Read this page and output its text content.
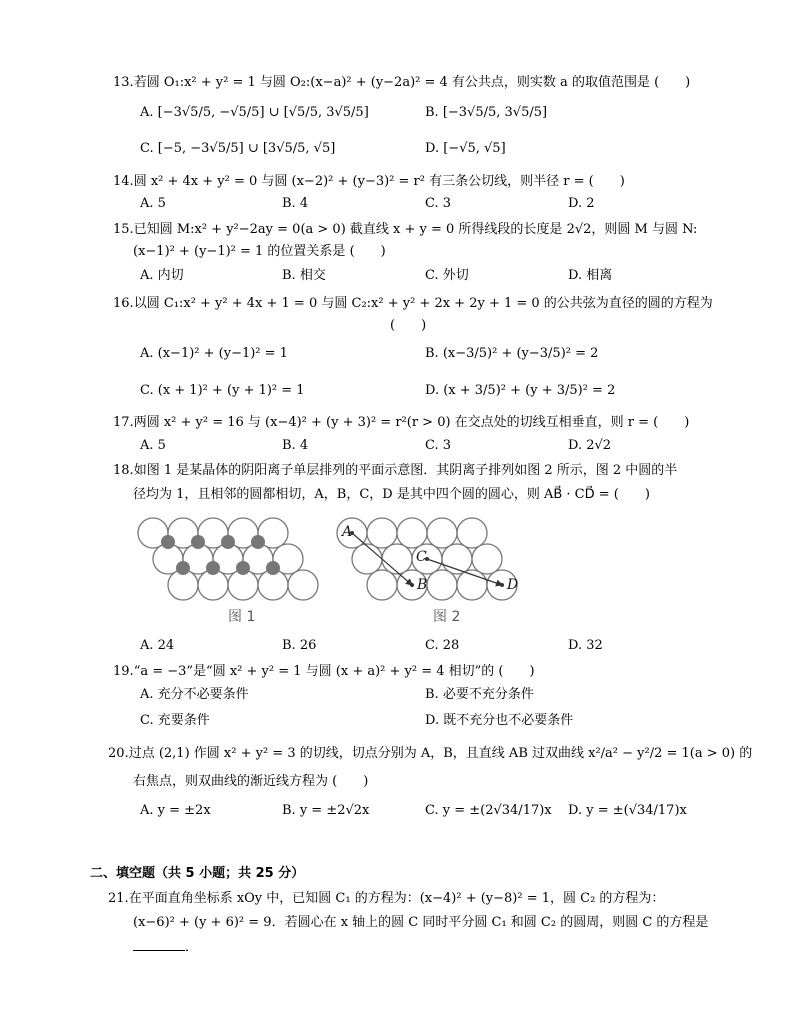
13.若圆 O₁:x² + y² = 1 与圆 O₂:(x−a)² + (y−2a)² = 4 有公共点，则实数 a 的取值范围是 (　　)
A. [−3√5/5, −√5/5] ∪ [√5/5, 3√5/5]	B. [−3√5/5, 3√5/5]
C. [−5, −3√5/5] ∪ [3√5/5, √5]	D. [−√5, √5]
14.圆 x² + 4x + y² = 0 与圆 (x−2)² + (y−3)² = r² 有三条公切线，则半径 r = (　　)
A. 5	B. 4	C. 3	D. 2
15.已知圆 M:x² + y²−2ay = 0(a > 0) 截直线 x + y = 0 所得线段的长度是 2√2，则圆 M 与圆 N:
(x−1)² + (y−1)² = 1 的位置关系是 (　　)
A. 内切	B. 相交	C. 外切	D. 相离
16.以圆 C₁:x² + y² + 4x + 1 = 0 与圆 C₂:x² + y² + 2x + 2y + 1 = 0 的公共弦为直径的圆的方程为
(　　)
A. (x−1)² + (y−1)² = 1	B. (x−3/5)² + (y−3/5)² = 2
C. (x + 1)² + (y + 1)² = 1	D. (x + 3/5)² + (y + 3/5)² = 2
17.两圆 x² + y² = 16 与 (x−4)² + (y + 3)² = r²(r > 0) 在交点处的切线互相垂直，则 r = (　　)
A. 5	B. 4	C. 3	D. 2√2
18.如图 1 是某晶体的阴阳离子单层排列的平面示意图．其阴离子排列如图 2 所示，图 2 中圆的半
径均为 1，且相邻的圆都相切，A，B，C，D 是其中四个圆的圆心，则 AB⃗ · CD⃗ = (　　)
图 1
A
B
C
D
图 2
A. 24	B. 26	C. 28	D. 32
19.“a = −3”是“圆 x² + y² = 1 与圆 (x + a)² + y² = 4 相切”的 (　　)
A. 充分不必要条件	B. 必要不充分条件
C. 充要条件	D. 既不充分也不必要条件
20.过点 (2,1) 作圆 x² + y² = 3 的切线，切点分别为 A，B，且直线 AB 过双曲线 x²/a² − y²/2 = 1(a > 0) 的
右焦点，则双曲线的渐近线方程为 (　　)
A. y = ±2x	B. y = ±2√2x	C. y = ±(2√34/17)x D. y = ±(√34/17)x
二、填空题（共 5 小题；共 25 分）
21.在平面直角坐标系 xOy 中，已知圆 C₁ 的方程为：(x−4)² + (y−8)² = 1，圆 C₂ 的方程为：
(x−6)² + (y + 6)² = 9．若圆心在 x 轴上的圆 C 同时平分圆 C₁ 和圆 C₂ 的圆周，则圆 C 的方程是
．
